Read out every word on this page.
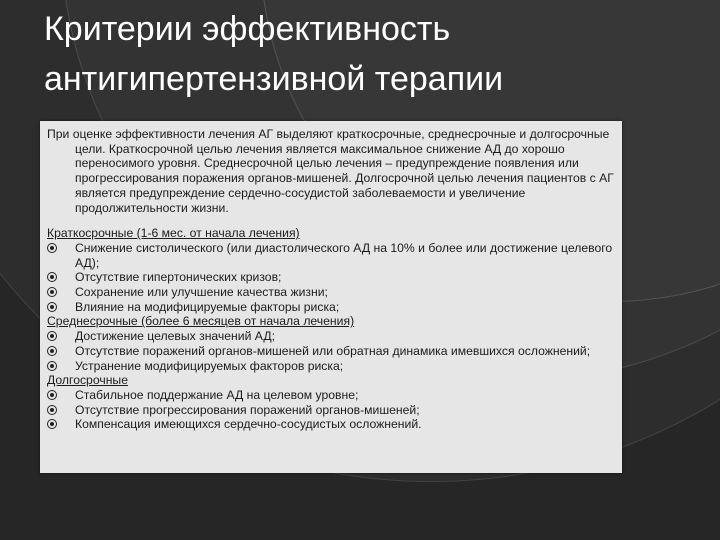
Критерии эффективность антигипертензивной терапии

При оценке эффективности лечения АГ выделяют краткосрочные, среднесрочные и долгосрочные цели. Краткосрочной целью лечения является максимальное снижение АД до хорошо переносимого уровня. Среднесрочной целью лечения – предупреждение появления или прогрессирования поражения органов-мишеней. Долгосрочной целью лечения пациентов с АГ является предупреждение сердечно-сосудистой заболеваемости и увеличение продолжительности жизни.

Краткосрочные (1-6 мес. от начала лечения)
Снижение систолического (или диастолического АД на 10% и более или достижение целевого АД);
Отсутствие гипертонических кризов;
Сохранение или улучшение качества жизни;
Влияние на модифицируемые факторы риска;
Среднесрочные (более 6 месяцев от начала лечения)
Достижение целевых значений АД;
Отсутствие поражений органов-мишеней или обратная динамика имевшихся осложнений;
Устранение модифицируемых факторов риска;
Долгосрочные
Стабильное поддержание АД на целевом уровне;
Отсутствие прогрессирования поражений органов-мишеней;
Компенсация имеющихся сердечно-сосудистых осложнений.
